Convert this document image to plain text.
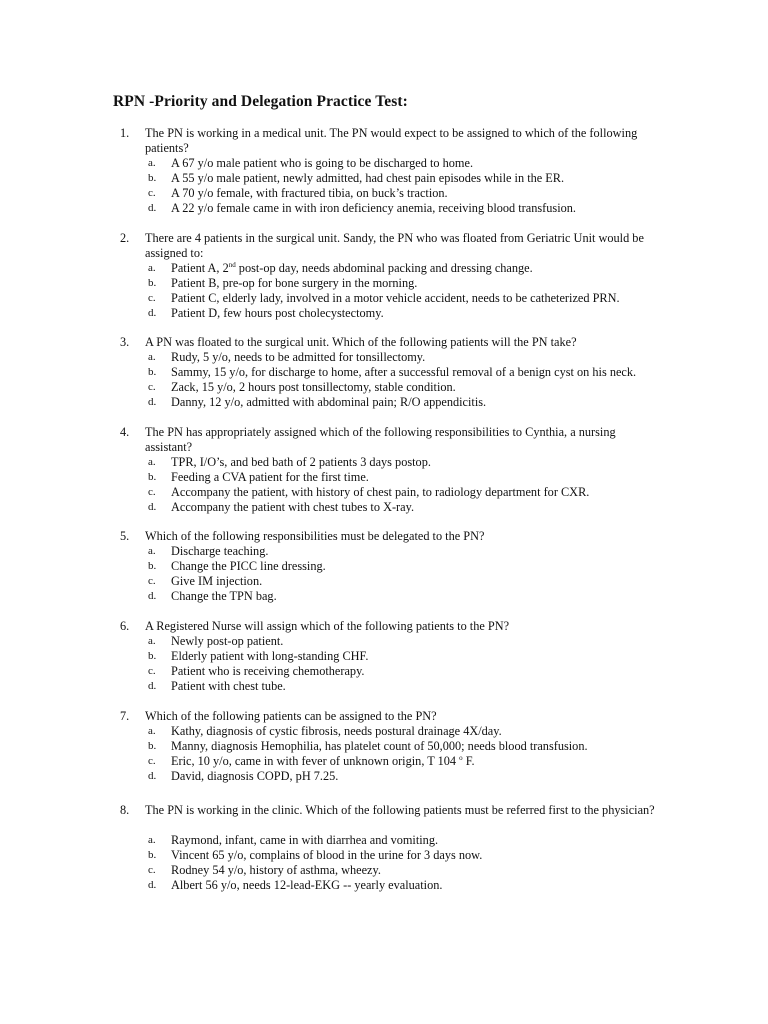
RPN -Priority and Delegation Practice Test:
1. The PN is working in a medical unit. The PN would expect to be assigned to which of the following patients?
a. A 67 y/o male patient who is going to be discharged to home.
b. A 55 y/o male patient, newly admitted, had chest pain episodes while in the ER.
c. A 70 y/o female, with fractured tibia, on buck’s traction.
d. A 22 y/o female came in with iron deficiency anemia, receiving blood transfusion.
2. There are 4 patients in the surgical unit. Sandy, the PN who was floated from Geriatric Unit would be assigned to:
a. Patient A, 2nd post-op day, needs abdominal packing and dressing change.
b. Patient B, pre-op for bone surgery in the morning.
c. Patient C, elderly lady, involved in a motor vehicle accident, needs to be catheterized PRN.
d. Patient D, few hours post cholecystectomy.
3. A PN was floated to the surgical unit. Which of the following patients will the PN take?
a. Rudy, 5 y/o, needs to be admitted for tonsillectomy.
b. Sammy, 15 y/o, for discharge to home, after a successful removal of a benign cyst on his neck.
c. Zack, 15 y/o, 2 hours post tonsillectomy, stable condition.
d. Danny, 12 y/o, admitted with abdominal pain; R/O appendicitis.
4. The PN has appropriately assigned which of the following responsibilities to Cynthia, a nursing assistant?
a. TPR, I/O’s, and bed bath of 2 patients 3 days postop.
b. Feeding a CVA patient for the first time.
c. Accompany the patient, with history of chest pain, to radiology department for CXR.
d. Accompany the patient with chest tubes to X-ray.
5. Which of the following responsibilities must be delegated to the PN?
a. Discharge teaching.
b. Change the PICC line dressing.
c. Give IM injection.
d. Change the TPN bag.
6. A Registered Nurse will assign which of the following patients to the PN?
a. Newly post-op patient.
b. Elderly patient with long-standing CHF.
c. Patient who is receiving chemotherapy.
d. Patient with chest tube.
7. Which of the following patients can be assigned to the PN?
a. Kathy, diagnosis of cystic fibrosis, needs postural drainage 4X/day.
b. Manny, diagnosis Hemophilia, has platelet count of 50,000; needs blood transfusion.
c. Eric, 10 y/o, came in with fever of unknown origin, T 104 $^o$ F.
d. David, diagnosis COPD, pH 7.25.
8. The PN is working in the clinic. Which of the following patients must be referred first to the physician?
a. Raymond, infant, came in with diarrhea and vomiting.
b. Vincent 65 y/o, complains of blood in the urine for 3 days now.
c. Rodney 54 y/o, history of asthma, wheezy.
d. Albert 56 y/o, needs 12-lead-EKG -- yearly evaluation.
